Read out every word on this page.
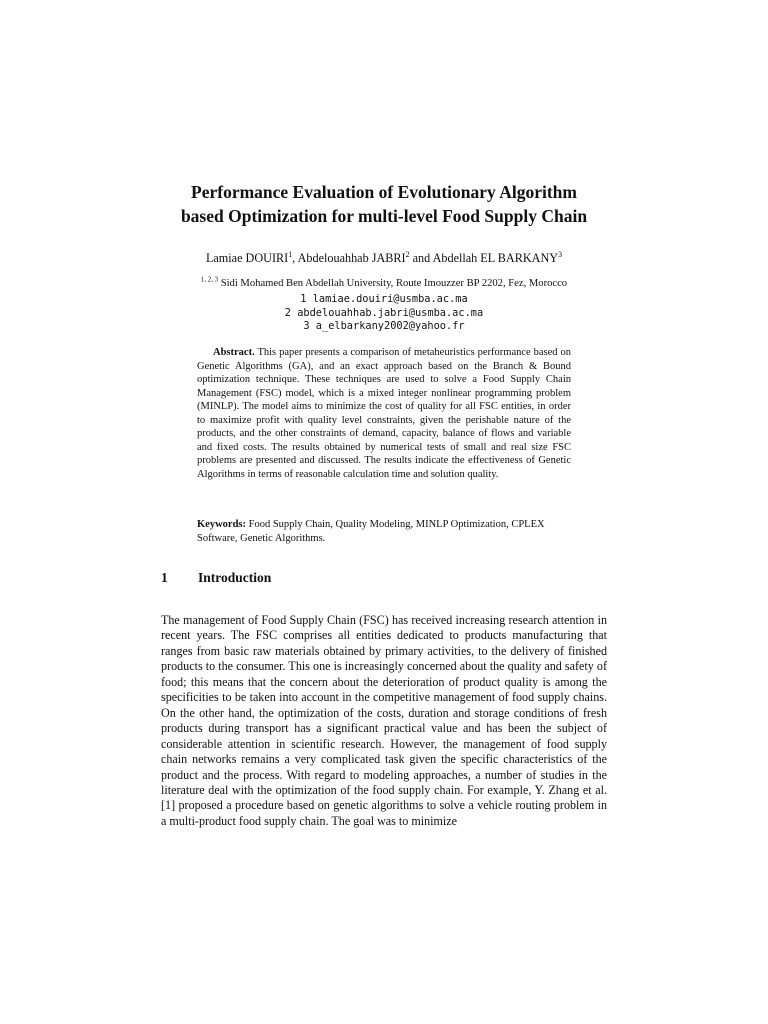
Performance Evaluation of Evolutionary Algorithm
based Optimization for multi-level Food Supply Chain
Lamiae DOUIRI$^1$, Abdelouahhab JABRI$^2$ and Abdellah EL BARKANY$^3$
$^{1, 2, 3}$ Sidi Mohamed Ben Abdellah University, Route Imouzzer BP 2202, Fez, Morocco
1 lamiae.douiri@usmba.ac.ma
2 abdelouahhab.jabri@usmba.ac.ma
3 a_elbarkany2002@yahoo.fr

Abstract. This paper presents a comparison of metaheuristics performance based on Genetic Algorithms (GA), and an exact approach based on the Branch & Bound optimization technique. These techniques are used to solve a Food Supply Chain Management (FSC) model, which is a mixed integer nonlinear programming problem (MINLP). The model aims to minimize the cost of quality for all FSC entities, in order to maximize profit with quality level constraints, given the perishable nature of the products, and the other constraints of demand, capacity, balance of flows and variable and fixed costs. The results obtained by numerical tests of small and real size FSC problems are presented and discussed. The results indicate the effectiveness of Genetic Algorithms in terms of reasonable calculation time and solution quality.

Keywords: Food Supply Chain, Quality Modeling, MINLP Optimization, CPLEX Software, Genetic Algorithms.

1 Introduction

The management of Food Supply Chain (FSC) has received increasing research attention in recent years. The FSC comprises all entities dedicated to products manufacturing that ranges from basic raw materials obtained by primary activities, to the delivery of finished products to the consumer. This one is increasingly concerned about the quality and safety of food; this means that the concern about the deterioration of product quality is among the specificities to be taken into account in the competitive management of food supply chains. On the other hand, the optimization of the costs, duration and storage conditions of fresh products during transport has a significant practical value and has been the subject of considerable attention in scientific research. However, the management of food supply chain networks remains a very complicated task given the specific characteristics of the product and the process. With regard to modeling approaches, a number of studies in the literature deal with the optimization of the food supply chain. For example, Y. Zhang et al. [1] proposed a procedure based on genetic algorithms to solve a vehicle routing problem in a multi-product food supply chain. The goal was to minimize
